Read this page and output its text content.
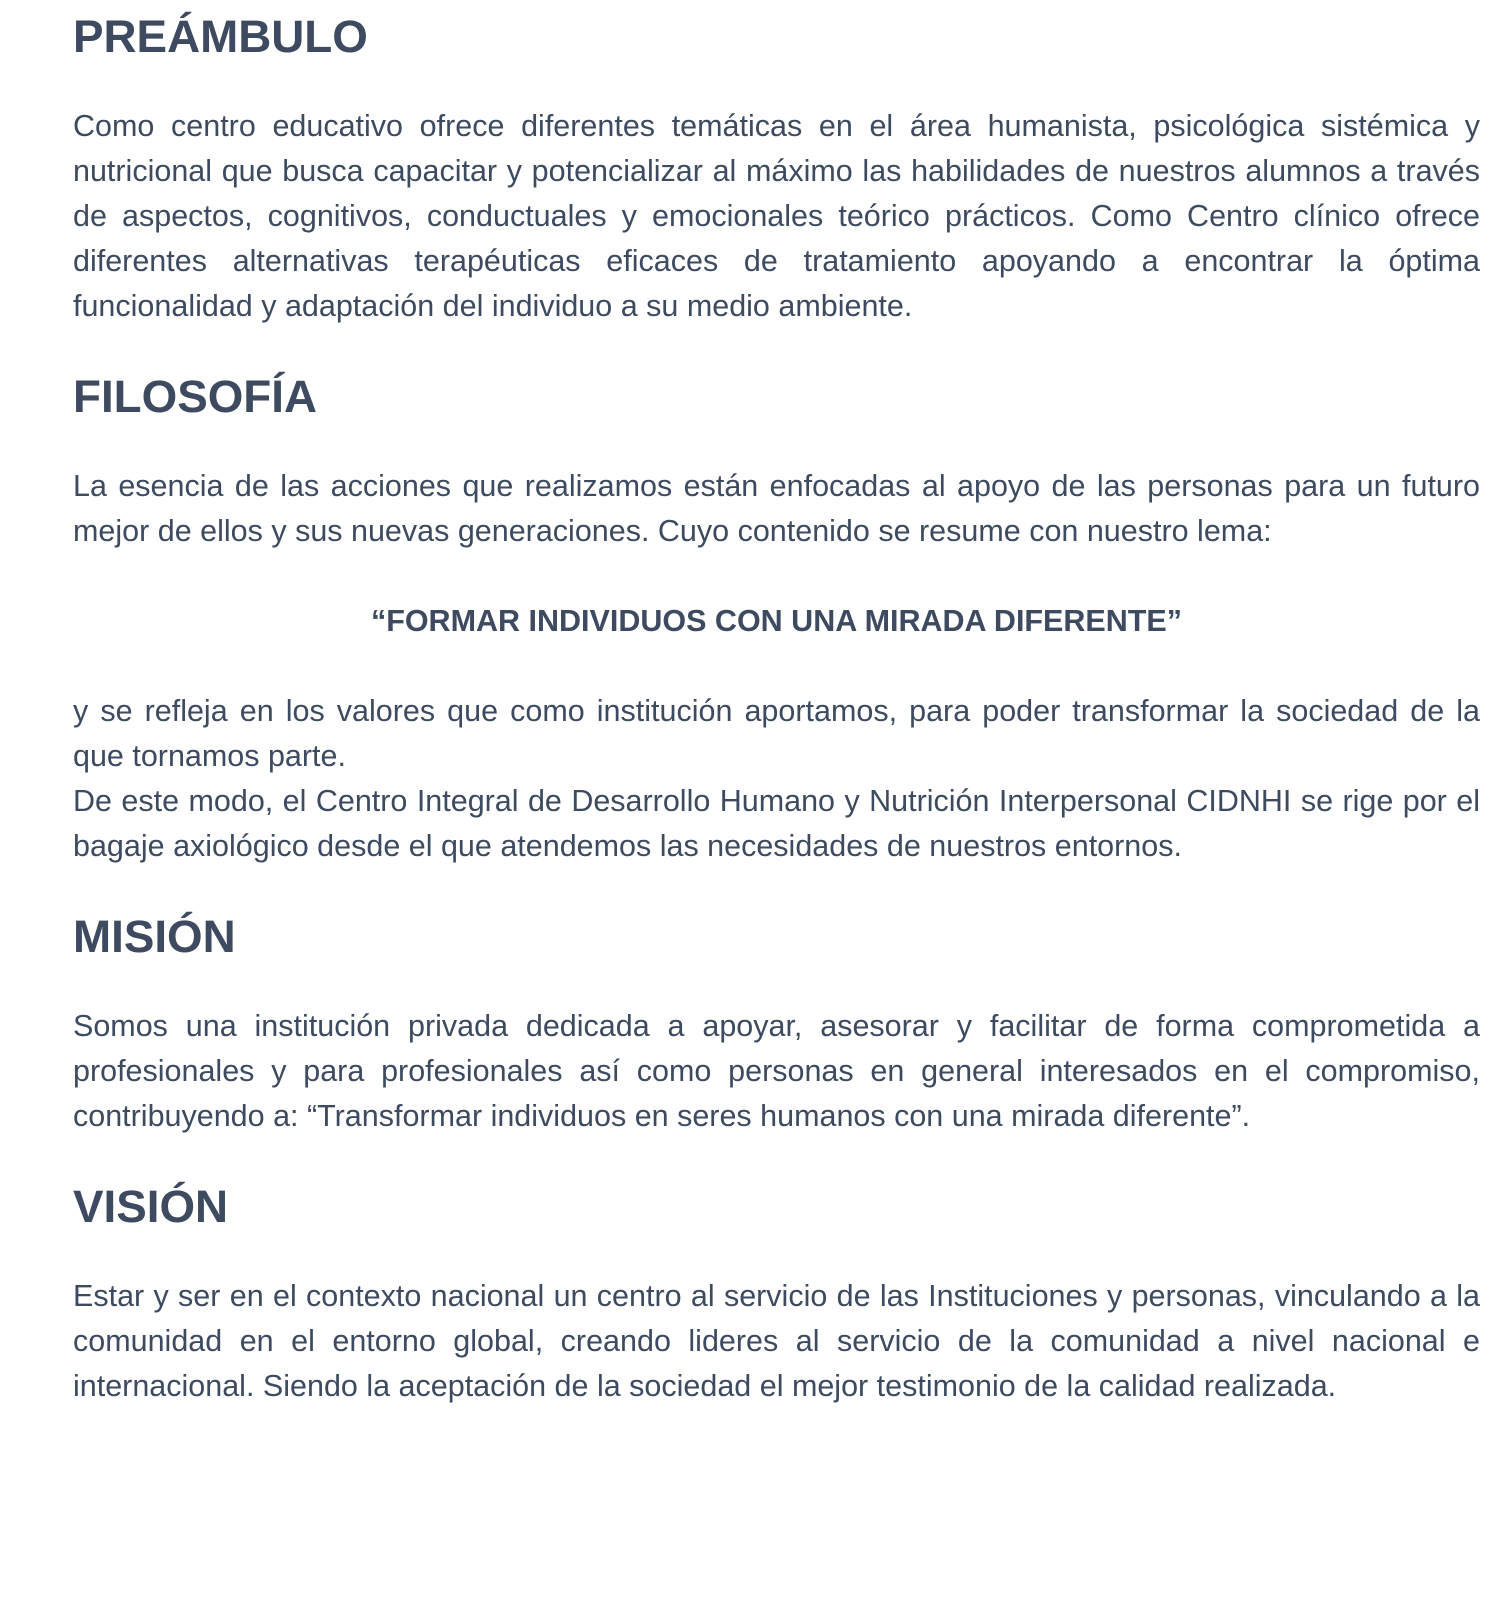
PREÁMBULO

Como centro educativo ofrece diferentes temáticas en el área humanista, psicológica sistémica y nutricional que busca capacitar y potencializar al máximo las habilidades de nuestros alumnos a través de aspectos, cognitivos, conductuales y emocionales teórico prácticos. Como Centro clínico ofrece diferentes alternativas terapéuticas eficaces de tratamiento apoyando a encontrar la óptima funcionalidad y adaptación del individuo a su medio ambiente.

FILOSOFÍA

La esencia de las acciones que realizamos están enfocadas al apoyo de las personas para un futuro mejor de ellos y sus nuevas generaciones. Cuyo contenido se resume con nuestro lema:

“FORMAR INDIVIDUOS CON UNA MIRADA DIFERENTE”

y se refleja en los valores que como institución aportamos, para poder transformar la sociedad de la que tornamos parte.

De este modo, el Centro Integral de Desarrollo Humano y Nutrición Interpersonal CIDNHI se rige por el bagaje axiológico desde el que atendemos las necesidades de nuestros entornos.

MISIÓN

Somos una institución privada dedicada a apoyar, asesorar y facilitar de forma comprometida a profesionales y para profesionales así como personas en general interesados en el compromiso, contribuyendo a: “Transformar individuos en seres humanos con una mirada diferente”.

VISIÓN

Estar y ser en el contexto nacional un centro al servicio de las Instituciones y personas, vinculando a la comunidad en el entorno global, creando lideres al servicio de la comunidad a nivel nacional e internacional. Siendo la aceptación de la sociedad el mejor testimonio de la calidad realizada.
